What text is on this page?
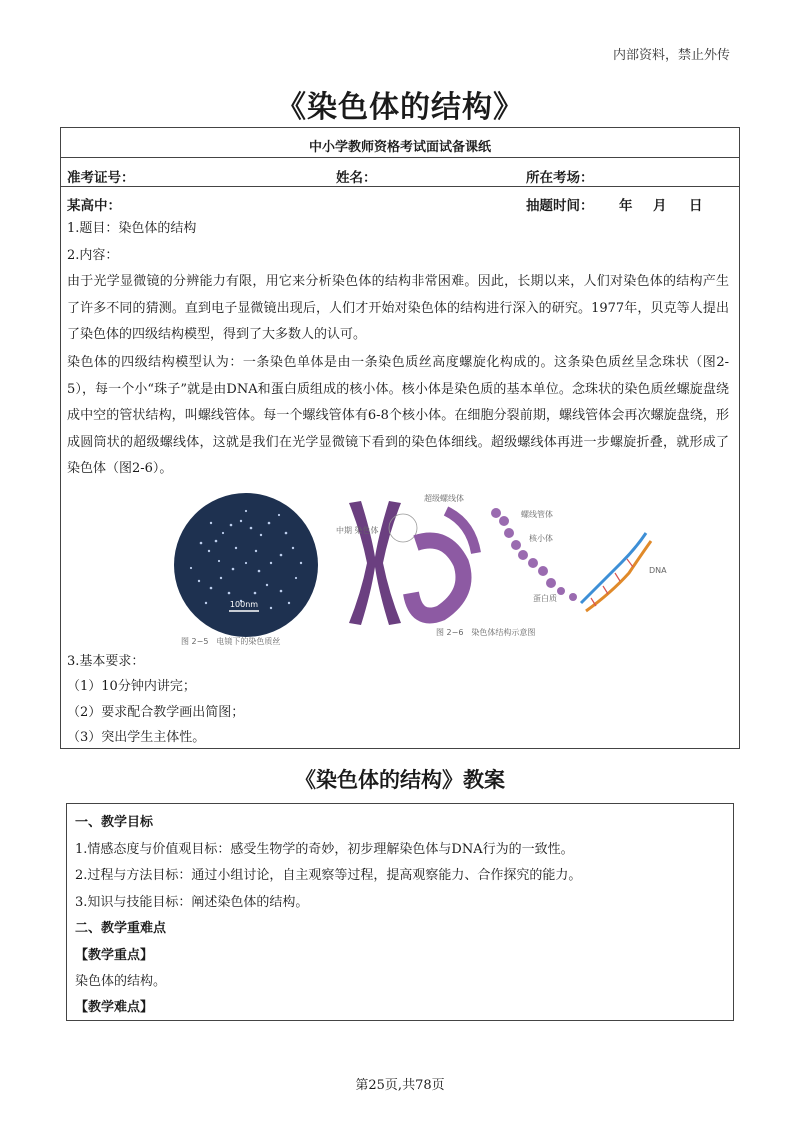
内部资料，禁止外传
《染色体的结构》
中小学教师资格考试面试备课纸
准考证号：	姓名：	所在考场：
某高中：	抽题时间： 年 月 日
1.题目：染色体的结构
2.内容：
由于光学显微镜的分辨能力有限，用它来分析染色体的结构非常困难。因此，长期以来，人们对染色体的结构产生了许多不同的猜测。直到电子显微镜出现后，人们才开始对染色体的结构进行深入的研究。1977年，贝克等人提出了染色体的四级结构模型，得到了大多数人的认可。
染色体的四级结构模型认为：一条染色单体是由一条染色质丝高度螺旋化构成的。这条染色质丝呈念珠状（图2-5），每一个小“珠子”就是由DNA和蛋白质组成的核小体。核小体是染色质的基本单位。念珠状的染色质丝螺旋盘绕成中空的管状结构，叫螺线管体。每一个螺线管体有6-8个核小体。在细胞分裂前期，螺线管体会再次螺旋盘绕，形成圆筒状的超级螺线体，这就是我们在光学显微镜下看到的染色体细线。超级螺线体再进一步螺旋折叠，就形成了染色体（图2-6）。
100nm
图 2−5　电镜下的染色质丝
超级螺线体
中期 染色体
螺线管体
核小体
蛋白质
DNA
图 2−6　染色体结构示意图
3.基本要求：
（1）10分钟内讲完；
（2）要求配合教学画出简图；
（3）突出学生主体性。
《染色体的结构》教案
一、教学目标
1.情感态度与价值观目标：感受生物学的奇妙，初步理解染色体与DNA行为的一致性。
2.过程与方法目标：通过小组讨论，自主观察等过程，提高观察能力、合作探究的能力。
3.知识与技能目标：阐述染色体的结构。
二、教学重难点
【教学重点】
染色体的结构。
【教学难点】
第25页,共78页
